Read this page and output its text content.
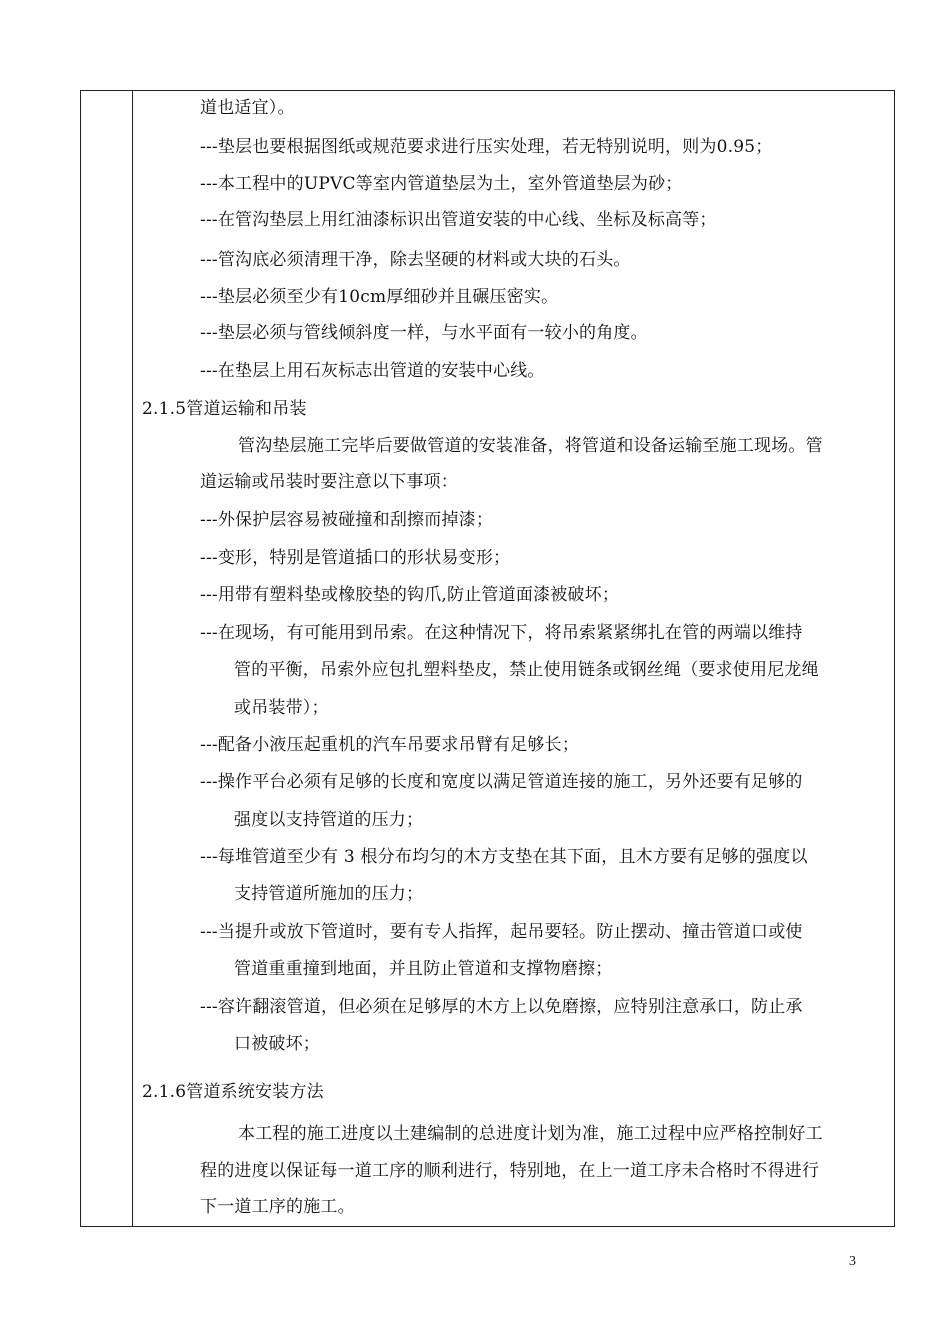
道也适宜）。
---垫层也要根据图纸或规范要求进行压实处理，若无特别说明，则为0.95；
---本工程中的UPVC等室内管道垫层为土，室外管道垫层为砂；
---在管沟垫层上用红油漆标识出管道安装的中心线、坐标及标高等；
---管沟底必须清理干净，除去坚硬的材料或大块的石头。
---垫层必须至少有10cm厚细砂并且碾压密实。
---垫层必须与管线倾斜度一样，与水平面有一较小的角度。
---在垫层上用石灰标志出管道的安装中心线。
2.1.5管道运输和吊装
管沟垫层施工完毕后要做管道的安装准备，将管道和设备运输至施工现场。管
道运输或吊装时要注意以下事项：
---外保护层容易被碰撞和刮擦而掉漆；
---变形，特别是管道插口的形状易变形；
---用带有塑料垫或橡胶垫的钩爪,防止管道面漆被破坏；
---在现场，有可能用到吊索。在这种情况下，将吊索紧紧绑扎在管的两端以维持
管的平衡，吊索外应包扎塑料垫皮，禁止使用链条或钢丝绳（要求使用尼龙绳
或吊装带）；
---配备小液压起重机的汽车吊要求吊臂有足够长；
---操作平台必须有足够的长度和宽度以满足管道连接的施工，另外还要有足够的
强度以支持管道的压力；
---每堆管道至少有 3 根分布均匀的木方支垫在其下面，且木方要有足够的强度以
支持管道所施加的压力；
---当提升或放下管道时，要有专人指挥，起吊要轻。防止摆动、撞击管道口或使
管道重重撞到地面，并且防止管道和支撑物磨擦；
---容许翻滚管道，但必须在足够厚的木方上以免磨擦，应特别注意承口，防止承
口被破坏；
2.1.6管道系统安装方法
本工程的施工进度以土建编制的总进度计划为准，施工过程中应严格控制好工
程的进度以保证每一道工序的顺利进行，特别地，在上一道工序未合格时不得进行
下一道工序的施工。
3
